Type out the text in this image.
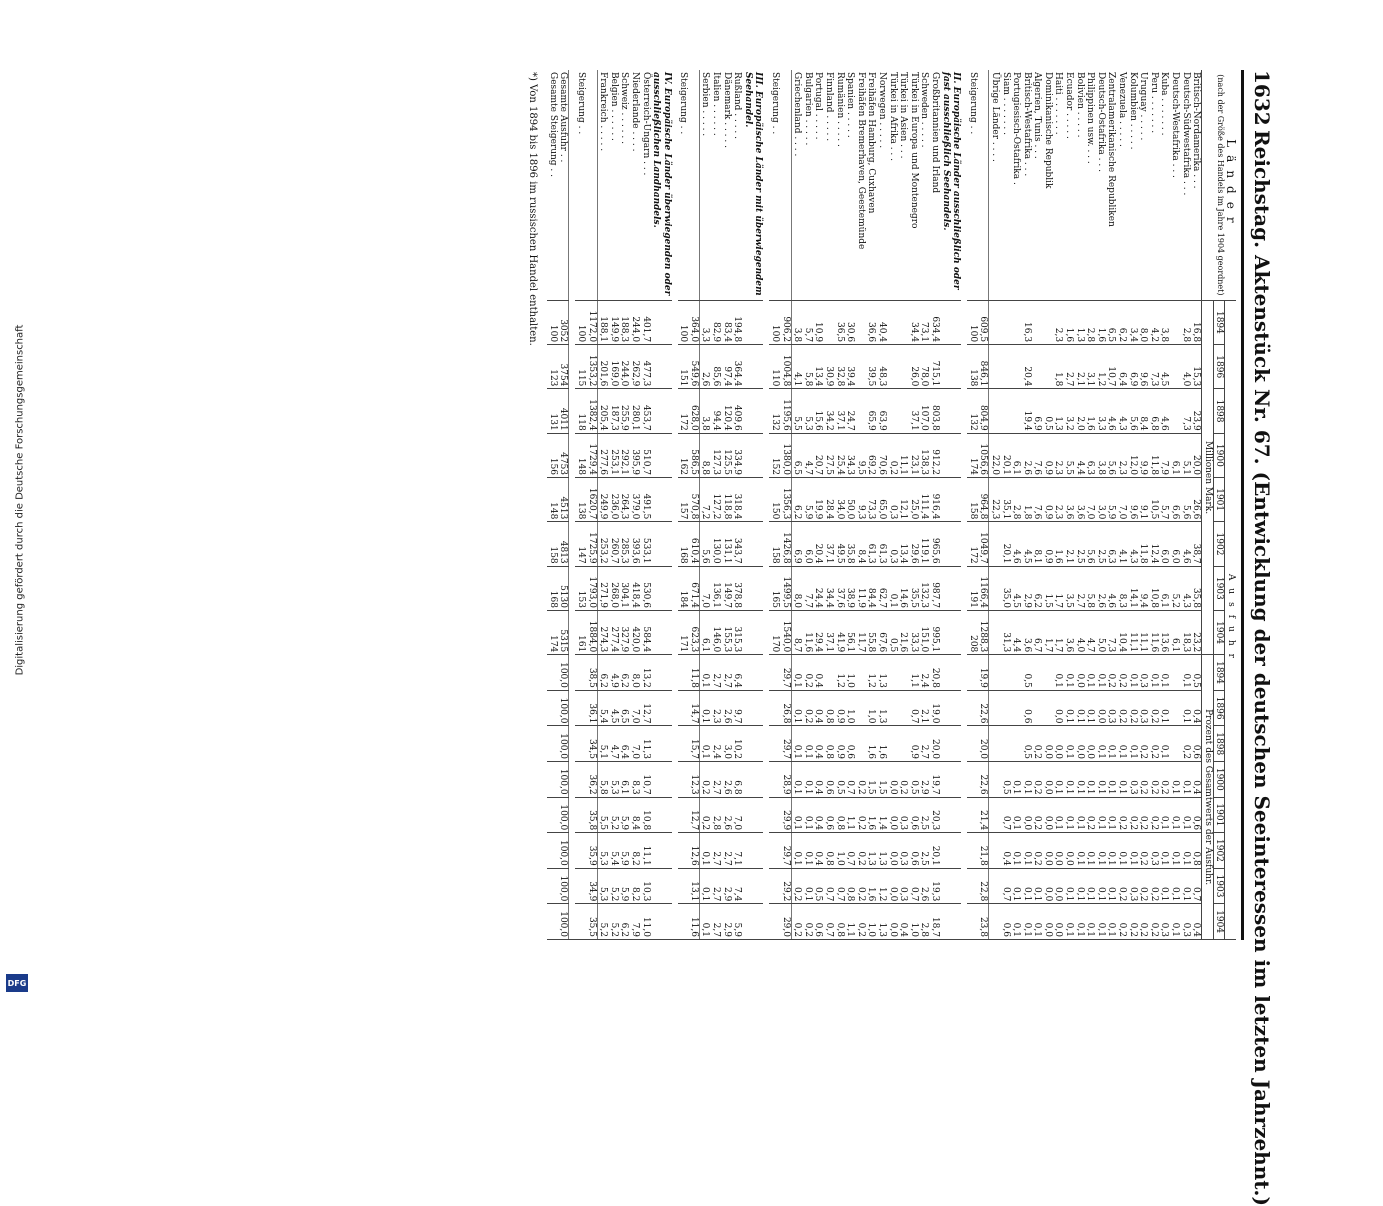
Digitalisierung gefördert durch die Deutsche Forschungsgemeinschaft
DFG
1632
Reichstag. Aktenstück Nr. 67. (Entwicklung der deutschen Seeinteressen im letzten Jahrzehnt.)
Länder
(nach der Größe des Handels im Jahre 1904 geordnet)	Ausfuhr															
	1894	1896	1898	1900	1901	1902	1903	1904	1894	1896	1898	1900	1901	1902	1903	1904
	Millionen Mark.								Prozent des Gesamtwerts der Ausfuhr.							
Britisch-Nordamerika . . .	16,8	15,3	23,9	20,0	26,6	38,7	35,8	23,2	0,5	0,4	0,6	0,4	0,6	0,8	0,7	0,4
Deutsch-Südwestafrika . . .	2,8	4,0	7,3	5,1	5,6	4,6	4,3	18,3	0,1	0,1	0,2	0,1	0,1	0,1	0,1	0,3
Deutsch-Westafrika . . .				6,1	6,6	6,0	5,2	6,1				0,1	0,1	0,1	0,1	0,1
Kuba . . . . . . .	3,8	4,5	4,6	7,9	5,7	6,0	6,1	13,6	0,1	0,1	0,1	0,2	0,1	0,1	0,1	0,3
Peru . . . . . . .	4,2	7,3	6,8	11,8	10,5	12,4	10,8	11,6	0,1	0,2	0,2	0,2	0,2	0,3	0,2	0,2
Uruguay . . . . .	8,0	9,6	8,4	9,9	9,1	11,8	9,4	11,1	0,3	0,3	0,2	0,2	0,2	0,2	0,2	0,2
Kolumbien . . . . .	3,4	6,9	5,6	12,0	9,6	4,3	14,1	11,1	0,1	0,2	0,1	0,3	0,2	0,1	0,3	0,2
Venezuela . . . . .	6,2	6,4	4,3	2,3	7,0	4,1	8,3	10,4	0,2	0,2	0,1	0,1	0,2	0,1	0,2	0,2
Zentralamerikanische Republiken	6,5	10,7	4,6	5,6	5,9	6,3	4,6	7,3	0,2	0,3	0,1	0,1	0,1	0,1	0,1	0,1
Deutsch-Ostafrika . . .	1,6	1,2	3,3	3,8	3,0	2,5	2,6	5,0	0,1	0,0	0,1	0,1	0,1	0,1	0,1	0,1
Philippinen usw. . . .	2,8	3,1	1,6	6,3	7,0	5,6	5,8	4,7	0,1	0,1	0,0	0,1	0,2	0,1	0,1	0,1
Bolivien . . . . .	1,3	2,1	2,0	4,4	3,6	2,5	2,7	4,0	0,0	0,1	0,0	0,1	0,1	0,1	0,1	0,1
Ecuador . . . . .	1,6	2,7	3,2	5,5	3,6	2,1	3,5	3,6	0,1	0,1	0,1	0,1	0,1	0,0	0,1	0,1
Haiti . . . . . . .	2,3	1,8	1,3	2,3	2,3	1,6	1,7	1,7	0,1	0,0	0,0	0,1	0,1	0,0	0,0	0,0
Dominikanische Republik			0,5	0,9	0,9	0,9	1,5	1,7			0,0	0,0	0,0	0,0	0,0	0,0
Algerien, Tunis . . .			6,9	7,6	7,6	8,1	6,2	6,7			0,2	0,2	0,2	0,2	0,1	0,1
Britisch-Westafrika . . .	16,3	20,4	19,4	2,6	1,8	4,5	2,9	3,6	0,5	0,6	0,5	0,1	0,0	0,1	0,1	0,1
Portugiesisch-Ostafrika .				6,1	2,8	4,6	4,5	4,4				0,1	0,1	0,1	0,1	0,1
Siam . . . . . . .				20,1	35,1	20,1	35,0	31,3				0,5	0,7	0,4	0,7	0,6
Übrige Länder . . . .				22,0	22,3											
	609,5	846,1	804,9	1056,6	964,8	1049,7	1166,4	1288,3	19,9	22,6	20,0	22,6	21,4	21,8	22,8	23,8
Steigerung . .	100	138	132	174	158	172	191	208								

II. Europäische Länder ausschließlich oder fast ausschließlich Seehandels.																
Großbritannien und Irland	634,4	715,1	803,8	912,2	916,4	965,6	987,7	995,1	20,8	19,0	20,0	19,7	20,3	20,1	19,3	18,7
Schweden . . . . .	73,1	78,0	107,0	138,3	111,4	119,1	132,3	151,0	2,4	2,1	2,7	2,9	2,5	2,5	2,6	2,8
Türkei in Europa und Montenegro	34,4	26,0	37,1	23,1	25,0	29,6	35,5	33,3	1,1	0,7	0,9	0,5	0,6	0,6	0,7	1,0
Türkei in Asien . . .				11,1	12,1	13,4	14,6	21,6				0,2	0,3	0,3	0,3	0,4
Türkei in Afrika . . .				0,2	0,3	0,3	0,1	0,5				0,0	0,0	0,0	0,0	0,0
Norwegen . . . . .	40,4	48,3	63,9	70,6	65,0	61,3	62,7	67,6	1,3	1,3	1,6	1,5	1,4	1,3	1,2	1,3
Freihäfen Hamburg, Cuxhaven	36,6	39,5	65,9	69,2	73,3	61,3	84,4	55,8	1,2	1,0	1,6	1,5	1,6	1,3	1,6	1,0
Freihäfen Bremerhaven, Geestemünde				9,5	9,3	8,4	11,9	11,7				0,2	0,2	0,2	0,2	0,2
Spanien . . . . .	30,6	39,4	24,7	34,3	50,0	35,8	38,9	56,1	1,0	1,0	0,6	0,7	1,1	0,7	0,8	1,1
Rumänien . . . . .	36,5	32,8	37,1	25,4	34,0	49,5	37,6	41,9	1,2	0,9	0,9	0,5	0,8	1,0	0,7	0,8
Finnland . . . . .		30,9	34,2	27,5	28,4	37,1	34,4	37,1		0,8	0,8	0,6	0,6	0,8	0,7	0,7
Portugal . . . . .	10,9	13,4	15,6	20,7	19,9	20,4	24,4	29,4	0,4	0,4	0,4	0,4	0,4	0,4	0,5	0,6
Bulgarien . . . . .	5,7	5,8	5,3	4,7	5,9	6,0	7,7	11,6	0,2	0,2	0,1	0,1	0,1	0,1	0,1	0,2
Griechenland . . . .	3,8	4,1	5,5	6,5	6,2	6,9	8,0	8,7	0,1	0,1	0,1	0,1	0,1	0,1	0,2	0,2
	906,2	1004,8	1195,6	1380,0	1356,3	1426,8	1499,5	1540,0	29,7	26,8	29,7	28,9	29,9	29,7	29,2	29,0
Steigerung . .	100	110	132	152	150	158	165	170								

III. Europäische Länder mit überwiegendem Seehandel.																
Rußland . . . . .	194,8	364,4	409,6	334,9	318,4	343,7	378,8	315,3	6,4	9,7	10,2	6,8	7,0	7,1	7,4	5,9
Dänemark . . . . .	83,4	97,4	120,4	125,5	118,8	131,1	149,7	155,3	2,7	2,6	3,0	2,6	2,6	2,7	2,9	2,9
Italien . . . . . .	82,9	85,6	94,4	127,3	127,2	130,0	136,1	146,0	2,7	2,3	2,4	2,7	2,8	2,7	2,7	2,7
Serbien . . . . .	3,3	2,6	3,8	8,8	7,2	5,6	7,0	6,1	0,1	0,1	0,1	0,2	0,2	0,1	0,1	0,1
	364,0	549,6	628,0	586,5	570,8	610,4	671,4	623,3	11,8	14,7	15,7	12,3	12,7	12,6	13,1	11,6
Steigerung . .	100	151	172	162	157	168	184	171								

IV. Europäische Länder überwiegenden oder ausschließlichen Landhandels.																
Österreich-Ungarn . . .	401,7	477,3	453,7	510,7	491,5	533,1	530,6	584,4	13,2	12,7	11,3	10,7	10,8	11,1	10,3	11,0
Niederlande . . . .	244,0	262,9	280,1	395,9	379,0	393,6	418,4	420,0	8,0	7,0	7,0	8,3	8,4	8,2	8,2	7,9
Schweiz . . . . . .	188,3	244,0	255,9	292,1	264,3	285,3	304,1	327,9	6,2	6,5	6,4	6,1	5,9	5,9	5,9	6,2
Belgien . . . . . .	149,9	169,0	187,3	253,1	236,0	260,7	268,0	277,4	4,9	4,5	4,7	5,3	5,2	5,4	5,2	5,2
Frankreich . . . . .	188,1	201,6	205,4	277,6	249,9	253,2	271,9	274,3	6,2	5,4	5,1	5,8	5,5	5,3	5,3	5,2
	1172,0	1353,2	1382,4	1729,4	1620,7	1725,9	1793,0	1884,0	38,5	36,1	34,5	36,2	35,8	35,9	34,9	35,5
Steigerung . .	100	115	118	148	138	147	153	161								

Gesamte Ausfuhr . .	3052	3754	4011	4753	4513	4813	5130	5315	100,0	100,0	100,0	100,0	100,0	100,0	100,0	100,0
Gesamte Steigerung . .	100	123	131	156	148	158	168	174								
*) Von 1894 bis 1896 im russischen Handel enthalten.																
